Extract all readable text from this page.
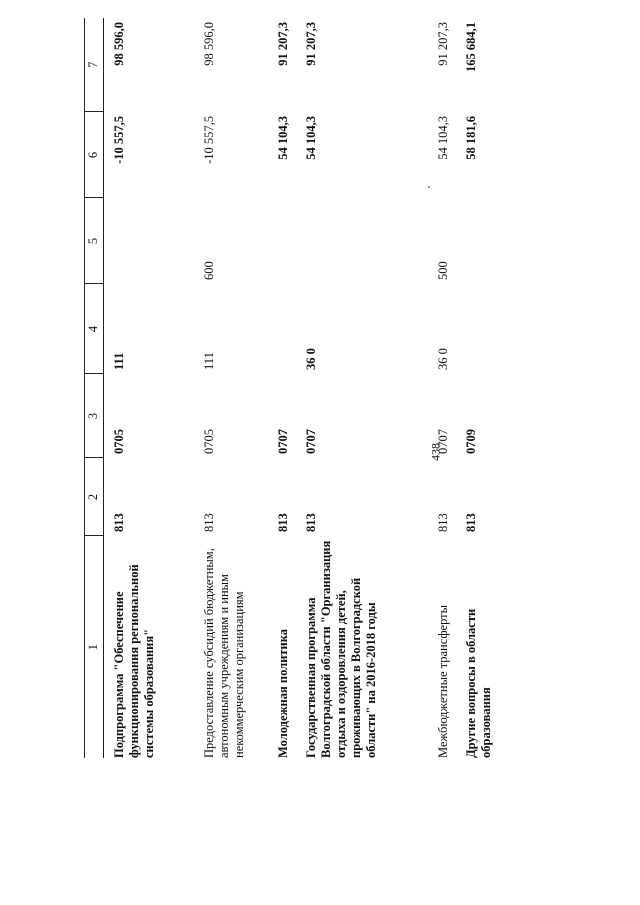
438
1	2	3	4	5	6	7
Подпрограмма "Обеспечение функционирования региональной системы образования"	813	0705	111		-10 557,5	98 596,0
Предоставление субсидий бюджетным, автономным учреждениям и иным некоммерческим организациям	813	0705	111	600	-10 557,5	98 596,0
Молодежная политика	813	0707			54 104,3	91 207,3
Государственная программа Волгоградской области "Организация отдыха и оздоровления детей, проживающих в Волгоградской области" на 2016-2018 годы	813	0707	36 0		54 104,3	91 207,3
Межбюджетные трансферты	813	0707	36 0	500	54 104,3	91 207,3
Другие вопросы в области образования	813	0709			58 181,6	165 684,1
